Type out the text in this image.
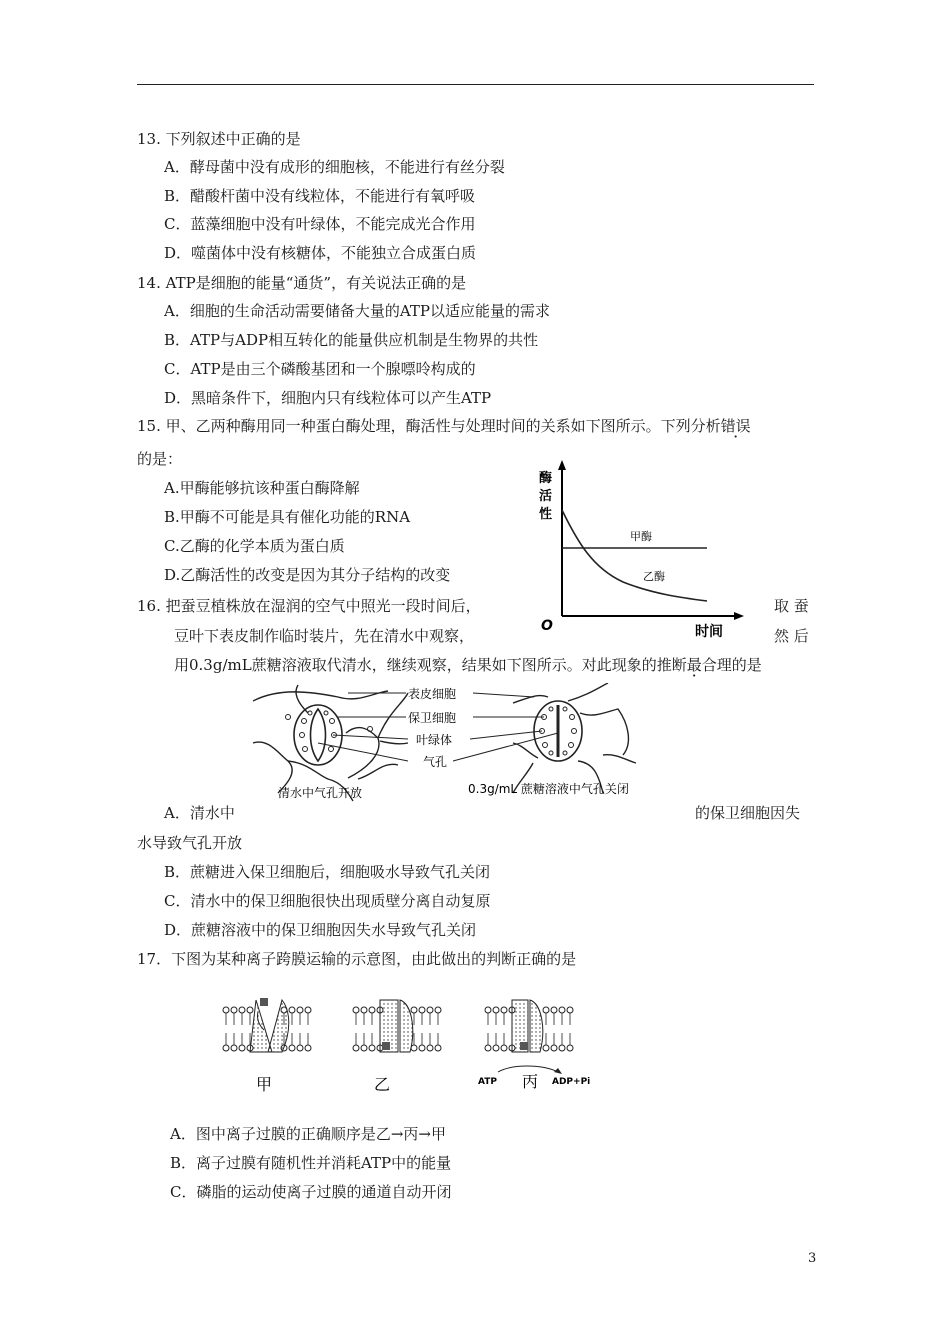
13. 下列叙述中正确的是
A．酵母菌中没有成形的细胞核，不能进行有丝分裂
B．醋酸杆菌中没有线粒体，不能进行有氧呼吸
C．蓝藻细胞中没有叶绿体，不能完成光合作用
D．噬菌体中没有核糖体，不能独立合成蛋白质
14. ATP是细胞的能量“通货”，有关说法正确的是
A．细胞的生命活动需要储备大量的ATP以适应能量的需求
B．ATP与ADP相互转化的能量供应机制是生物界的共性
C．ATP是由三个磷酸基团和一个腺嘌呤构成的
D．黑暗条件下，细胞内只有线粒体可以产生ATP
15. 甲、乙两种酶用同一种蛋白酶处理，酶活性与处理时间的关系如下图所示。下列分析错误
的是：
A.甲酶能够抗该种蛋白酶降解
B.甲酶不可能是具有催化功能的RNA
C.乙酶的化学本质为蛋白质
D.乙酶活性的改变是因为其分子结构的改变
酶
活
性
甲酶
乙酶
O	时间
16. 把蚕豆植株放在湿润的空气中照光一段时间后，	取 蚕
豆叶下表皮制作临时装片，先在清水中观察，	然 后
用0.3g/mL蔗糖溶液取代清水，继续观察，结果如下图所示。对此现象的推断最合理的是
表皮细胞
保卫细胞
叶绿体
气孔
清水中气孔开放	0.3g/mL 蔗糖溶液中气孔关闭
A．清水中	的保卫细胞因失
水导致气孔开放
B．蔗糖进入保卫细胞后，细胞吸水导致气孔关闭
C．清水中的保卫细胞很快出现质壁分离自动复原
D．蔗糖溶液中的保卫细胞因失水导致气孔关闭
17．下图为某种离子跨膜运输的示意图，由此做出的判断正确的是
甲	乙	丙
ATP	ADP+Pi
A．图中离子过膜的正确顺序是乙→丙→甲
B．离子过膜有随机性并消耗ATP中的能量
C．磷脂的运动使离子过膜的通道自动开闭
3
